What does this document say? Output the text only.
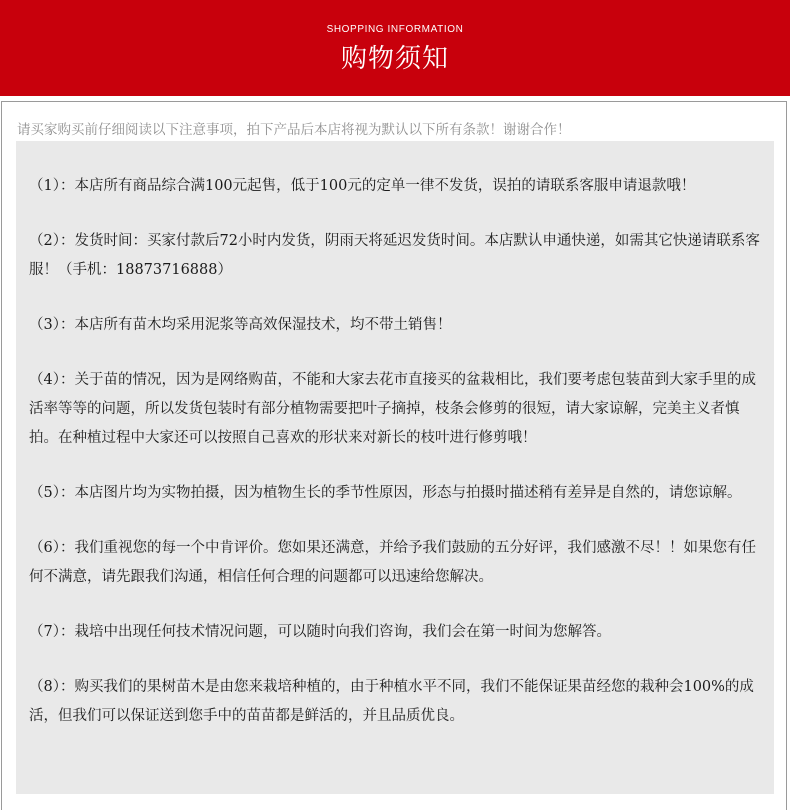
SHOPPING INFORMATION
购物须知
请买家购买前仔细阅读以下注意事项，拍下产品后本店将视为默认以下所有条款！谢谢合作！
（1）：本店所有商品综合满100元起售，低于100元的定单一律不发货，误拍的请联系客服申请退款哦！
（2）：发货时间：买家付款后72小时内发货，阴雨天将延迟发货时间。本店默认申通快递，如需其它快递请联系客服！（手机：18873716888）
（3）：本店所有苗木均采用泥浆等高效保湿技术，均不带土销售！
（4）：关于苗的情况，因为是网络购苗，不能和大家去花市直接买的盆栽相比，我们要考虑包装苗到大家手里的成活率等等的问题，所以发货包装时有部分植物需要把叶子摘掉，枝条会修剪的很短，请大家谅解，完美主义者慎拍。在种植过程中大家还可以按照自己喜欢的形状来对新长的枝叶进行修剪哦！
（5）：本店图片均为实物拍摄，因为植物生长的季节性原因，形态与拍摄时描述稍有差异是自然的，请您谅解。
（6）：我们重视您的每一个中肯评价。您如果还满意，并给予我们鼓励的五分好评，我们感激不尽！！如果您有任何不满意，请先跟我们沟通，相信任何合理的问题都可以迅速给您解决。
（7）：栽培中出现任何技术情况问题，可以随时向我们咨询，我们会在第一时间为您解答。
（8）：购买我们的果树苗木是由您来栽培种植的，由于种植水平不同，我们不能保证果苗经您的栽种会100%的成活，但我们可以保证送到您手中的苗苗都是鲜活的，并且品质优良。
